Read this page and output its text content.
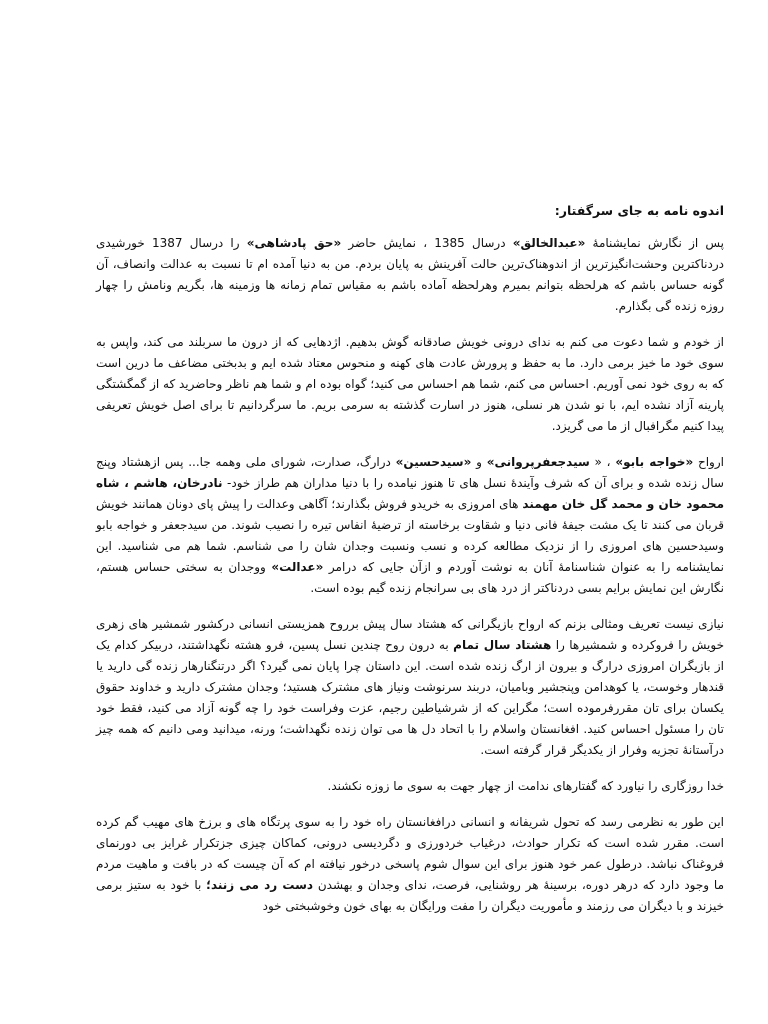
اندوه نامه به جای سرگفتار:

پس از نگارش نمایشنامۀ «عبدالخالق» درسال 1385 ، نمایش حاضر «حق پادشاهی» را درسال 1387 خورشیدی دردناکترین وحشت‌انگیزترین از اندوهناک‌ترین حالت آفرینش به پایان بردم. من به دنیا آمده ام تا نسبت به عدالت وانصاف، آن گونه حساس باشم که هرلحظه بتوانم بمیرم وهرلحظه آماده باشم به مقیاس تمام زمانه ها وزمینه ها، بگریم ونامش را چهار روزه زنده گی بگذارم.

از خودم و شما دعوت می کنم به ندای درونی خویش صادقانه گوش بدهیم. اژدهایی که از درون ما سربلند می کند، واپس به سوی خود ما خیز برمی دارد. ما به حفظ و پرورش عادت های کهنه و منحوس معتاد شده ایم و بدبختی مضاعف ما درین است که به روی خود نمی آوریم. احساس می کنم، شما هم احساس می کنید؛ گواه بوده ام و شما هم ناظر وحاضرید که از گمگشتگی پارینه آزاد نشده ایم، با نو شدن هر نسلی، هنوز در اسارت گذشته به سرمی بریم. ما سرگردانیم تا برای اصل خویش تعریفی پیدا کنیم مگرافبال از ما می گریزد.

ارواح «خواجه بابو» ، « سیدجعفرپروانی» و «سیدحسین» درارگ، صدارت، شورای ملی وهمه جا... پس ازهشتاد وپنج سال زنده شده و برای آن که شرف وآیندۀ نسل های تا هنوز نیامده را با دنیا مداران هم طراز خود- نادرخان، هاشم ، شاه محمود خان و محمد گل خان مهمند های امروزی به خریدو فروش بگذارند؛ آگاهی وعدالت را پیش پای دونان همانند خویش قربان می کنند تا یک مشت جیفۀ فانی دنیا و شقاوت برخاسته از ترضیۀ انفاس تیره را نصیب شوند. من سیدجعفر و خواجه بابو وسیدحسین های امروزی را از نزدیک مطالعه کرده و نسب ونسبت وجدان شان را می شناسم. شما هم می شناسید. این نمایشنامه را به عنوان شناسنامۀ آنان به نوشت آوردم و ازآن جایی که درامر «عدالت» ووجدان به سختی حساس هستم، نگارش این نمایش برایم بسی دردناکتر از درد های بی سرانجام زنده گیم بوده است.

نیازی نیست تعریف ومثالی بزنم که ارواح بازیگرانی که هشتاد سال پیش برروح همزیستی انسانی درکشور شمشیر های زهری خویش را فروکرده و شمشیرها را هشتاد سال تمام به درون روح چندین نسل پسین، فرو هشته نگهداشتند، دربیکر کدام یک از بازیگران امروزی درارگ و بیرون از ارگ زنده شده است. این داستان چرا پایان نمی گیرد؟ اگر درتنگنارهار زنده گی دارید یا قندهار وخوست، یا کوهدامن وپنجشیر وبامیان، دربند سرنوشت ونیاز های مشترک هستید؛ وجدان مشترک دارید و خداوند حقوق یکسان برای تان مقررفرموده است؛ مگراین که از شرشیاطین رجیم، عزت وفراست خود را چه گونه آزاد می کنید، فقط خود تان را مسئول احساس کنید. افغانستان واسلام را با اتحاد دل ها می توان زنده نگهداشت؛ ورنه، میدانید ومی دانیم که همه چیز درآستانۀ تجزیه وفرار از یکدیگر قرار گرفته است.

خدا روزگاری را نیاورد که گفتارهای ندامت از چهار جهت به سوی ما زوزه نکشند.

این طور به نظرمی رسد که تحول شریفانه و انسانی درافغانستان راه خود را به سوی پرتگاه های و برزخ های مهیب گم کرده است. مقرر شده است که تکرار حوادث، درغیاب خردورزی و دگردیسی درونی، کماکان چیزی جزتکرار غرایز بی دورنمای فروغناک نباشد. درطول عمر خود هنوز برای این سوال شوم پاسخی درخور نیافته ام که آن چیست که در بافت و ماهیت مردم ما وجود دارد که درهر دوره، برسینۀ هر روشنایی، فرصت، ندای وجدان و بهشدن دست رد می زنند؛ با خود به ستیز برمی خیزند و با دیگران می رزمند و مأموریت دیگران را مفت ورایگان به بهای خون وخوشبختی خود
